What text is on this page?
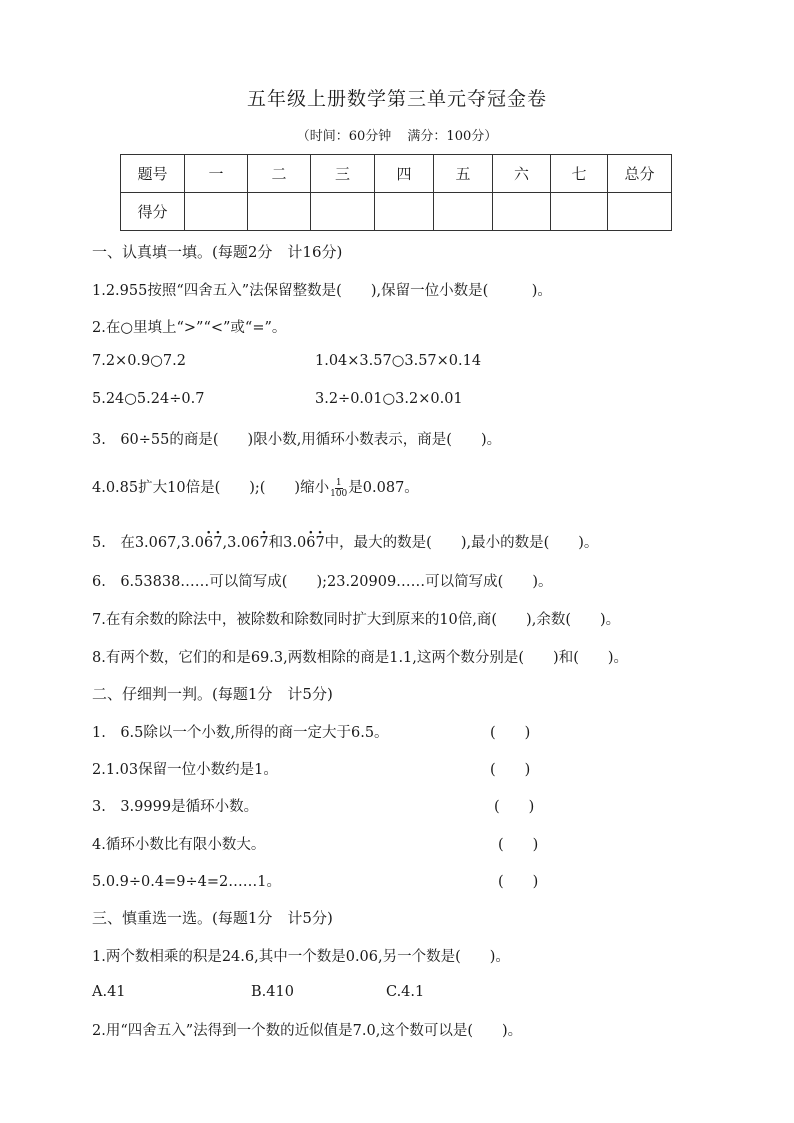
五年级上册数学第三单元夺冠金卷
（时间：60分钟 满分：100分）
题号	一	二	三	四	五	六	七	总分
得分								
一、认真填一填。(每题2分　计16分)
1.2.955按照“四舍五入”法保留整数是(　　),保留一位小数是(　　　)。
2.在○里填上“>”“<”或“=”。
7.2×0.9○7.2	1.04×3.57○3.57×0.14
5.24○5.24÷0.7	3.2÷0.01○3.2×0.01
3.　60÷55的商是(　　)限小数,用循环小数表示，商是(　　)。
4.0.85扩大10倍是(　　);(　　)缩小 $\frac{1}{100}$ 是0.087。
5.　在3.067,3.0· 6· 7,3.06· 7和3.0· 6· 7中，最大的数是(　　),最小的数是(　　)。
6.　6.53838……可以简写成(　　);23.20909……可以简写成(　　)。
7.在有余数的除法中，被除数和除数同时扩大到原来的10倍,商(　　),余数(　　)。
8.有两个数，它们的和是69.3,两数相除的商是1.1,这两个数分别是(　　)和(　　)。
二、仔细判一判。(每题1分　计5分)
1.　6.5除以一个小数,所得的商一定大于6.5。	(　　)
2.1.03保留一位小数约是1。	(　　)
3.　3.9999是循环小数。	(　　)
4.循环小数比有限小数大。	(　　)
5.0.9÷0.4=9÷4=2……1。	(　　)
三、慎重选一选。(每题1分　计5分)
1.两个数相乘的积是24.6,其中一个数是0.06,另一个数是(　　)。
A.41	B.410	C.4.1
2.用“四舍五入”法得到一个数的近似值是7.0,这个数可以是(　　)。
